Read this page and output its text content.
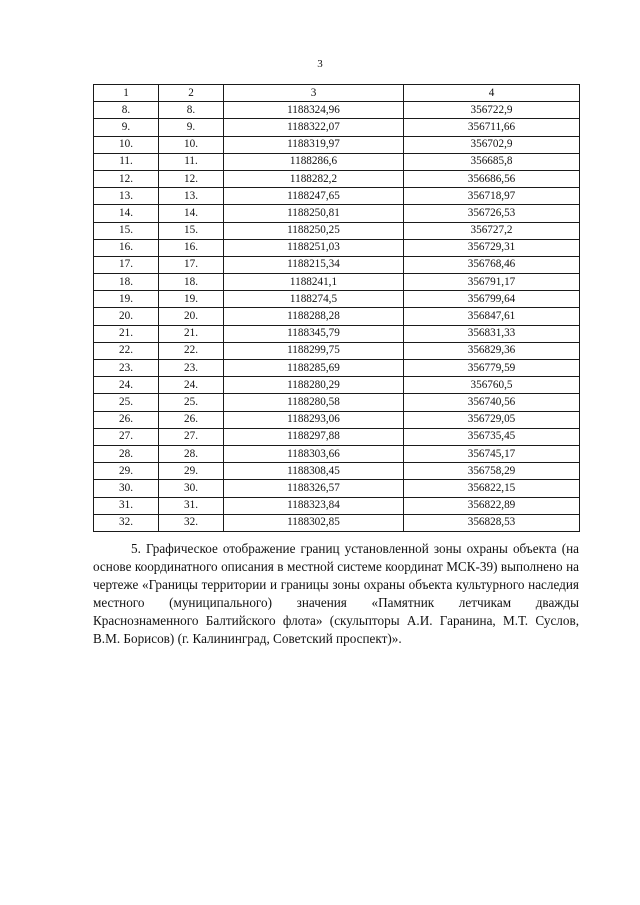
3
1	2	3	4
8.	8.	1188324,96	356722,9
9.	9.	1188322,07	356711,66
10.	10.	1188319,97	356702,9
11.	11.	1188286,6	356685,8
12.	12.	1188282,2	356686,56
13.	13.	1188247,65	356718,97
14.	14.	1188250,81	356726,53
15.	15.	1188250,25	356727,2
16.	16.	1188251,03	356729,31
17.	17.	1188215,34	356768,46
18.	18.	1188241,1	356791,17
19.	19.	1188274,5	356799,64
20.	20.	1188288,28	356847,61
21.	21.	1188345,79	356831,33
22.	22.	1188299,75	356829,36
23.	23.	1188285,69	356779,59
24.	24.	1188280,29	356760,5
25.	25.	1188280,58	356740,56
26.	26.	1188293,06	356729,05
27.	27.	1188297,88	356735,45
28.	28.	1188303,66	356745,17
29.	29.	1188308,45	356758,29
30.	30.	1188326,57	356822,15
31.	31.	1188323,84	356822,89
32.	32.	1188302,85	356828,53

5. Графическое отображение границ установленной зоны охраны объекта (на основе координатного описания в местной системе координат МСК-39) выполнено на чертеже «Границы территории и границы зоны охраны объекта культурного наследия местного (муниципального) значения «Памятник летчикам дважды Краснознаменного Балтийского флота» (скульпторы А.И. Гаранина, М.Т. Суслов, В.М. Борисов) (г. Калининград, Советский проспект)».
